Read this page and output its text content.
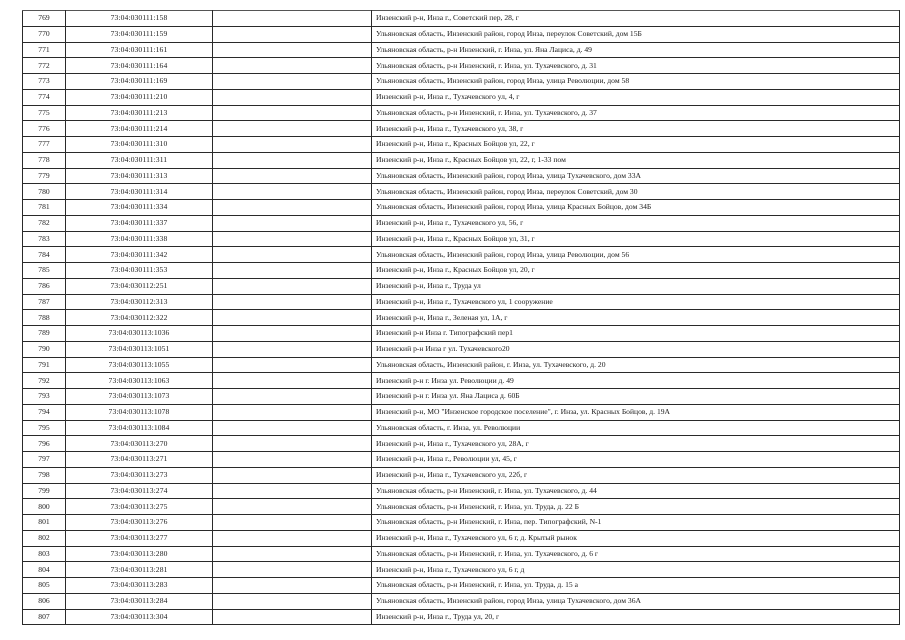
769	73:04:030111:158		Инзенский р-н, Инза г., Советский пер, 28, г
770	73:04:030111:159		Ульяновская область, Инзенский район, город Инза, переулок Советский, дом 15Б
771	73:04:030111:161		Ульяновская область, р-н Инзенский, г. Инза, ул. Яна Лациса, д. 49
772	73:04:030111:164		Ульяновская область, р-н Инзенский, г. Инза, ул. Тухачевского, д. 31
773	73:04:030111:169		Ульяновская область, Инзенский район, город Инза, улица Революции, дом 58
774	73:04:030111:210		Инзенский р-н, Инза г., Тухачевского ул, 4, г
775	73:04:030111:213		Ульяновская область, р-н Инзенский, г. Инза, ул. Тухачевского, д. 37
776	73:04:030111:214		Инзенский р-н, Инза г., Тухачевского ул, 38, г
777	73:04:030111:310		Инзенский р-н, Инза г., Красных Бойцов ул, 22, г
778	73:04:030111:311		Инзенский р-н, Инза г., Красных Бойцов ул, 22, г, 1-33 пом
779	73:04:030111:313		Ульяновская область, Инзенский район, город Инза, улица Тухачевского, дом 33А
780	73:04:030111:314		Ульяновская область, Инзенский район, город Инза, переулок Советский, дом 30
781	73:04:030111:334		Ульяновская область, Инзенский район, город Инза, улица Красных Бойцов, дом 34Б
782	73:04:030111:337		Инзенский р-н, Инза г., Тухачевского ул, 56, г
783	73:04:030111:338		Инзенский р-н, Инза г., Красных Бойцов ул, 31, г
784	73:04:030111:342		Ульяновская область, Инзенский район, город Инза, улица Революции, дом 56
785	73:04:030111:353		Инзенский р-н, Инза г., Красных Бойцов ул, 20, г
786	73:04:030112:251		Инзенский р-н, Инза г., Труда ул
787	73:04:030112:313		Инзенский р-н, Инза г., Тухачевского ул, 1 сооружение
788	73:04:030112:322		Инзенский р-н, Инза г., Зеленая ул, 1А, г
789	73:04:030113:1036		Инзенский р-н Инза г. Типографский пер1
790	73:04:030113:1051		Инзенский р-н Инза г ул. Тухачевского20
791	73:04:030113:1055		Ульяновская область, Инзенский район, г. Инза, ул. Тухачевского, д. 20
792	73:04:030113:1063		Инзенский р-н г. Инза ул. Революции д. 49
793	73:04:030113:1073		Инзенский р-н г. Инза ул. Яна Лациса д. 60Б
794	73:04:030113:1078		Инзенский р-н, МО "Инзенское городское поселение", г. Инза, ул. Красных Бойцов, д. 19А
795	73:04:030113:1084		Ульяновская область, г. Инза, ул. Революции
796	73:04:030113:270		Инзенский р-н, Инза г., Тухачевского ул, 28А, г
797	73:04:030113:271		Инзенский р-н, Инза г., Революции ул, 45, г
798	73:04:030113:273		Инзенский р-н, Инза г., Тухачевского ул, 22б, г
799	73:04:030113:274		Ульяновская область, р-н Инзенский, г. Инза, ул. Тухачевского, д. 44
800	73:04:030113:275		Ульяновская область, р-н Инзенский, г. Инза, ул. Труда, д. 22 Б
801	73:04:030113:276		Ульяновская область, р-н Инзенский, г. Инза, пер. Типографский, N-1
802	73:04:030113:277		Инзенский р-н, Инза г., Тухачевского ул, 6 г, д. Крытый рынок
803	73:04:030113:280		Ульяновская область, р-н Инзенский, г. Инза, ул. Тухачевского, д. 6 г
804	73:04:030113:281		Инзенский р-н, Инза г., Тухачевского ул, 6 г, д
805	73:04:030113:283		Ульяновская область, р-н Инзенский, г. Инза, ул. Труда, д. 15 а
806	73:04:030113:284		Ульяновская область, Инзенский район, город Инза, улица Тухачевского, дом 36А
807	73:04:030113:304		Инзенский р-н, Инза г., Труда ул, 20, г
